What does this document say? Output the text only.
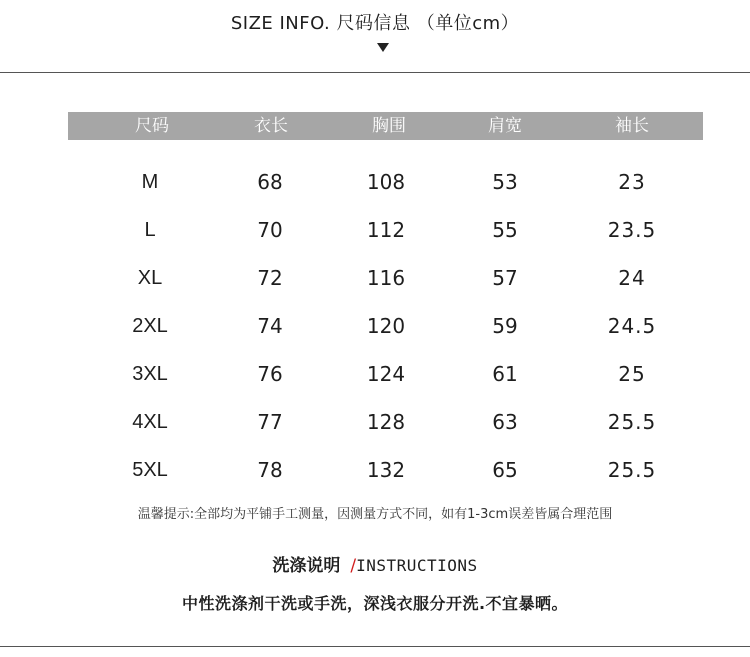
SIZE INFO. 尺码信息 （单位cm）
尺码	衣长	胸围	肩宽	袖长
M	68	108	53	23
L	70	112	55	23.5
XL	72	116	57	24
2XL	74	120	59	24.5
3XL	76	124	61	25
4XL	77	128	63	25.5
5XL	78	132	65	25.5
温馨提示:全部均为平铺手工测量，因测量方式不同，如有1-3cm误差皆属合理范围
洗涤说明 /INSTRUCTIONS
中性洗涤剂干洗或手洗，深浅衣服分开洗.不宜暴晒。
